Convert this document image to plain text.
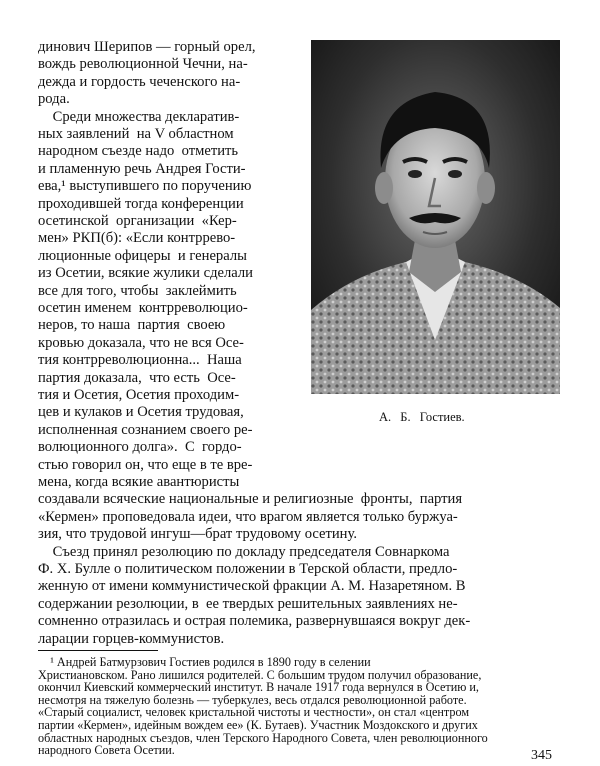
динович Шерипов — горный орел,
вождь революционной Чечни, на-
дежда и гордость чеченского на-
рода.
Среди множества декларатив-
ных заявлений  на V областном
народном съезде надо  отметить
и пламенную речь Андрея Гости-
ева,¹ выступившего по поручению
проходившей тогда конференции
осетинской  организации  «Кер-
мен» РКП(б): «Если контррево-
люционные офицеры  и генералы
из Осетии, всякие жулики сделали
все для того, чтобы  заклеймить
осетин именем  контрреволюцио-
неров, то наша  партия  своею
кровью доказала, что не вся Осе-
тия контрреволюционна...  Наша
партия доказала,  что есть  Осе-
тия и Осетия, Осетия проходим-
цев и кулаков и Осетия трудовая,
исполненная сознанием своего ре-
волюционного долга».  С  гордо-
стью говорил он, что еще в те вре-
мена, когда всякие авантюристы
А. Б. Гостиев.
создавали всяческие национальные и религиозные  фронты,  партия
«Кермен» проповедовала идеи, что врагом является только буржуа-
зия, что трудовой ингуш—брат трудовому осетину.
Съезд принял резолюцию по докладу председателя Совнаркома
Ф. Х. Булле о политическом положении в Терской области, предло-
женную от имени коммунистической фракции А. М. Назаретяном. В
содержании резолюции, в  ее твердых решительных заявлениях не-
сомненно отразилась и острая полемика, развернувшаяся вокруг дек-
ларации горцев-коммунистов.
¹ Андрей Батмурзович Гостиев родился в 1890 году в селении
Христиановском. Рано лишился родителей. С большим трудом получил образование,
окончил Киевский коммерческий институт. В начале 1917 года вернулся в Осетию и,
несмотря на тяжелую болезнь — туберкулез, весь отдался революционной работе.
«Старый социалист, человек кристальной чистоты и честности», он стал «центром
партии «Кермен», идейным вождем ее» (К. Бутаев). Участник Моздокского и других
областных народных съездов, член Терского Народного Совета, член революционного
народного Совета Осетии.	345
